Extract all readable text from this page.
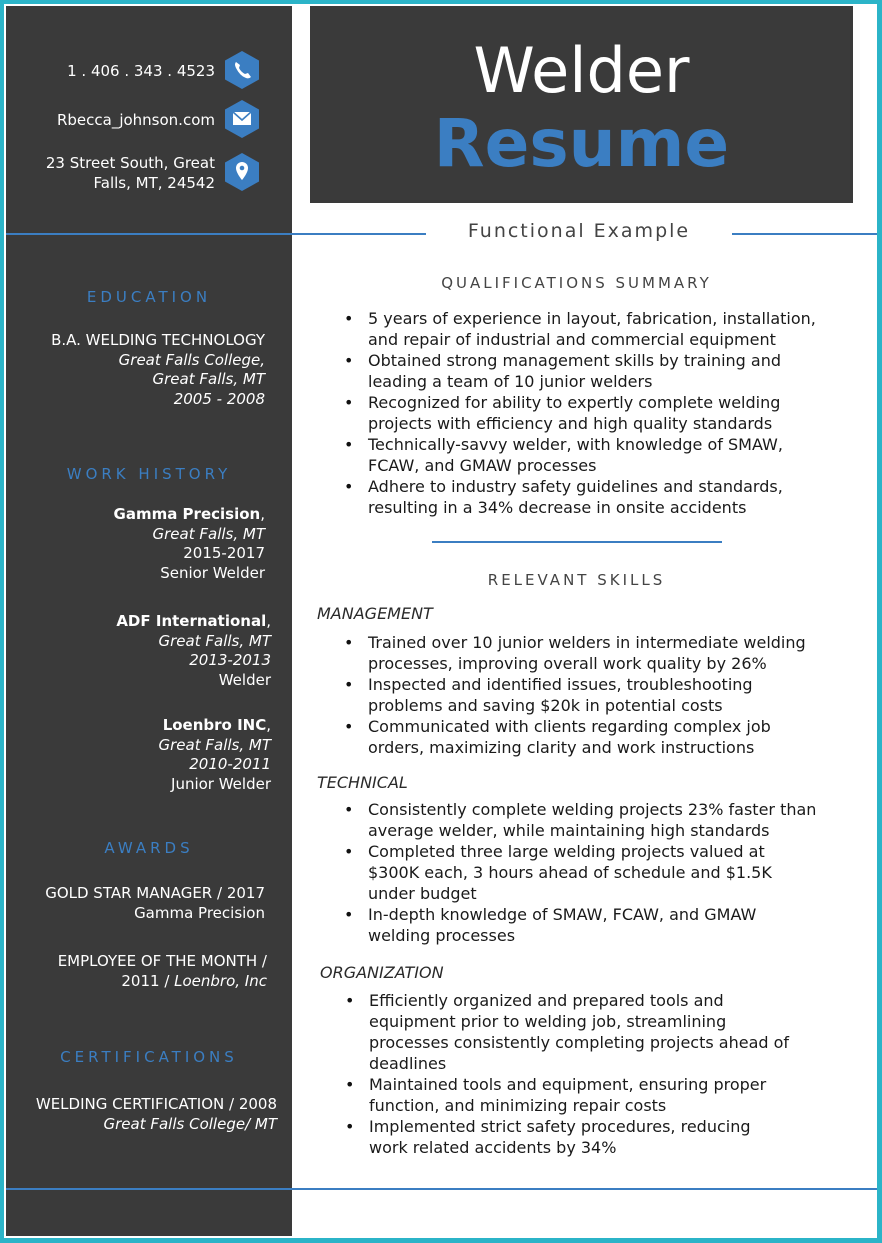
1 . 406 . 343 . 4523
Rbecca_johnson.com
23 Street South, Great
Falls, MT, 24542
Welder
Resume
Functional Example
EDUCATION
B.A. WELDING TECHNOLOGY
Great Falls College,
Great Falls, MT
2005 - 2008
WORK HISTORY
Gamma Precision,
Great Falls, MT
2015-2017
Senior Welder
ADF International,
Great Falls, MT
2013-2013
Welder
Loenbro INC,
Great Falls, MT
2010-2011
Junior Welder
AWARDS
GOLD STAR MANAGER / 2017
Gamma Precision
EMPLOYEE OF THE MONTH /
2011 / Loenbro, Inc
CERTIFICATIONS
WELDING CERTIFICATION / 2008
Great Falls College/ MT
QUALIFICATIONS SUMMARY
• 5 years of experience in layout, fabrication, installation,
and repair of industrial and commercial equipment
• Obtained strong management skills by training and
leading a team of 10 junior welders
• Recognized for ability to expertly complete welding
projects with efficiency and high quality standards
• Technically-savvy welder, with knowledge of SMAW,
FCAW, and GMAW processes
• Adhere to industry safety guidelines and standards,
resulting in a 34% decrease in onsite accidents
RELEVANT SKILLS
MANAGEMENT
• Trained over 10 junior welders in intermediate welding
processes, improving overall work quality by 26%
• Inspected and identified issues, troubleshooting
problems and saving $20k in potential costs
• Communicated with clients regarding complex job
orders, maximizing clarity and work instructions
TECHNICAL
• Consistently complete welding projects 23% faster than
average welder, while maintaining high standards
• Completed three large welding projects valued at
$300K each, 3 hours ahead of schedule and $1.5K
under budget
• In-depth knowledge of SMAW, FCAW, and GMAW
welding processes
ORGANIZATION
• Efficiently organized and prepared tools and
equipment prior to welding job, streamlining
processes consistently completing projects ahead of
deadlines
• Maintained tools and equipment, ensuring proper
function, and minimizing repair costs
• Implemented strict safety procedures, reducing
work related accidents by 34%
